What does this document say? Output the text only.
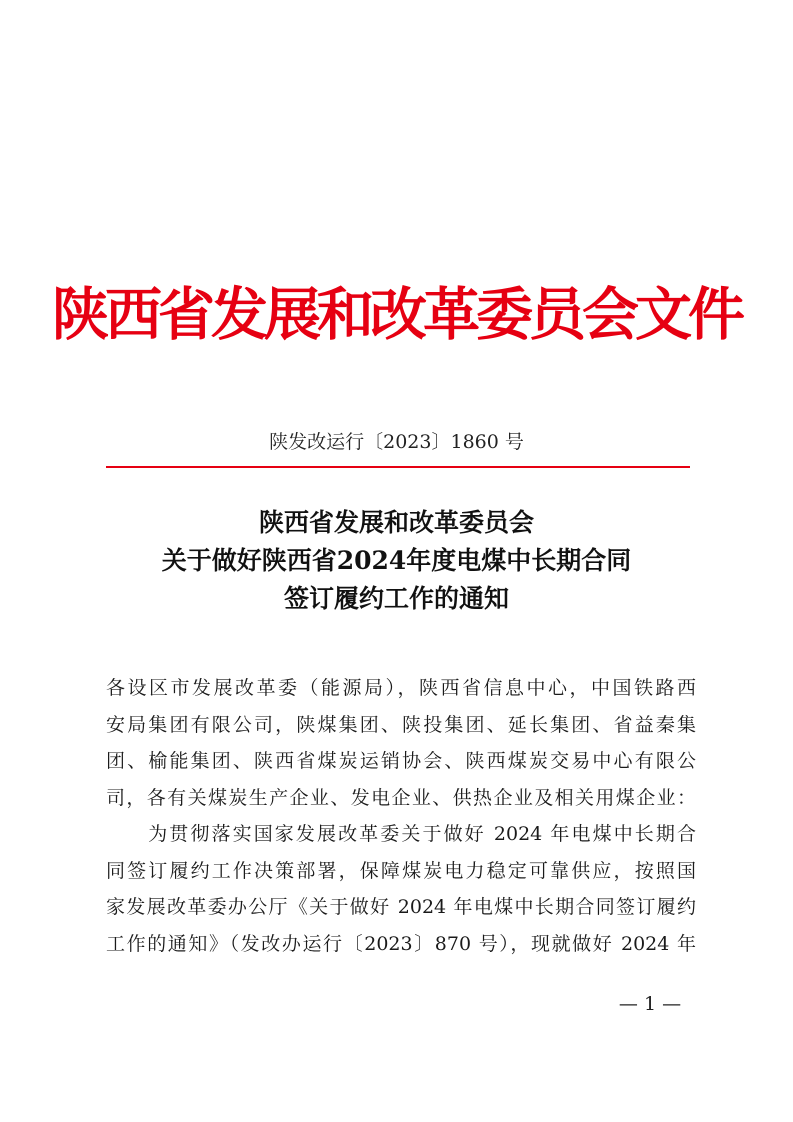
陕西省发展和改革委员会文件
陕发改运行〔2023〕1860 号
陕西省发展和改革委员会
关于做好陕西省2024年度电煤中长期合同
签订履约工作的通知
各设区市发展改革委（能源局），陕西省信息中心，中国铁路西
安局集团有限公司，陕煤集团、陕投集团、延长集团、省益秦集
团、榆能集团、陕西省煤炭运销协会、陕西煤炭交易中心有限公
司，各有关煤炭生产企业、发电企业、供热企业及相关用煤企业：
　　为贯彻落实国家发展改革委关于做好 2024 年电煤中长期合
同签订履约工作决策部署，保障煤炭电力稳定可靠供应，按照国
家发展改革委办公厅《关于做好 2024 年电煤中长期合同签订履约
工作的通知》（发改办运行〔2023〕870 号），现就做好 2024 年
— 1 —
